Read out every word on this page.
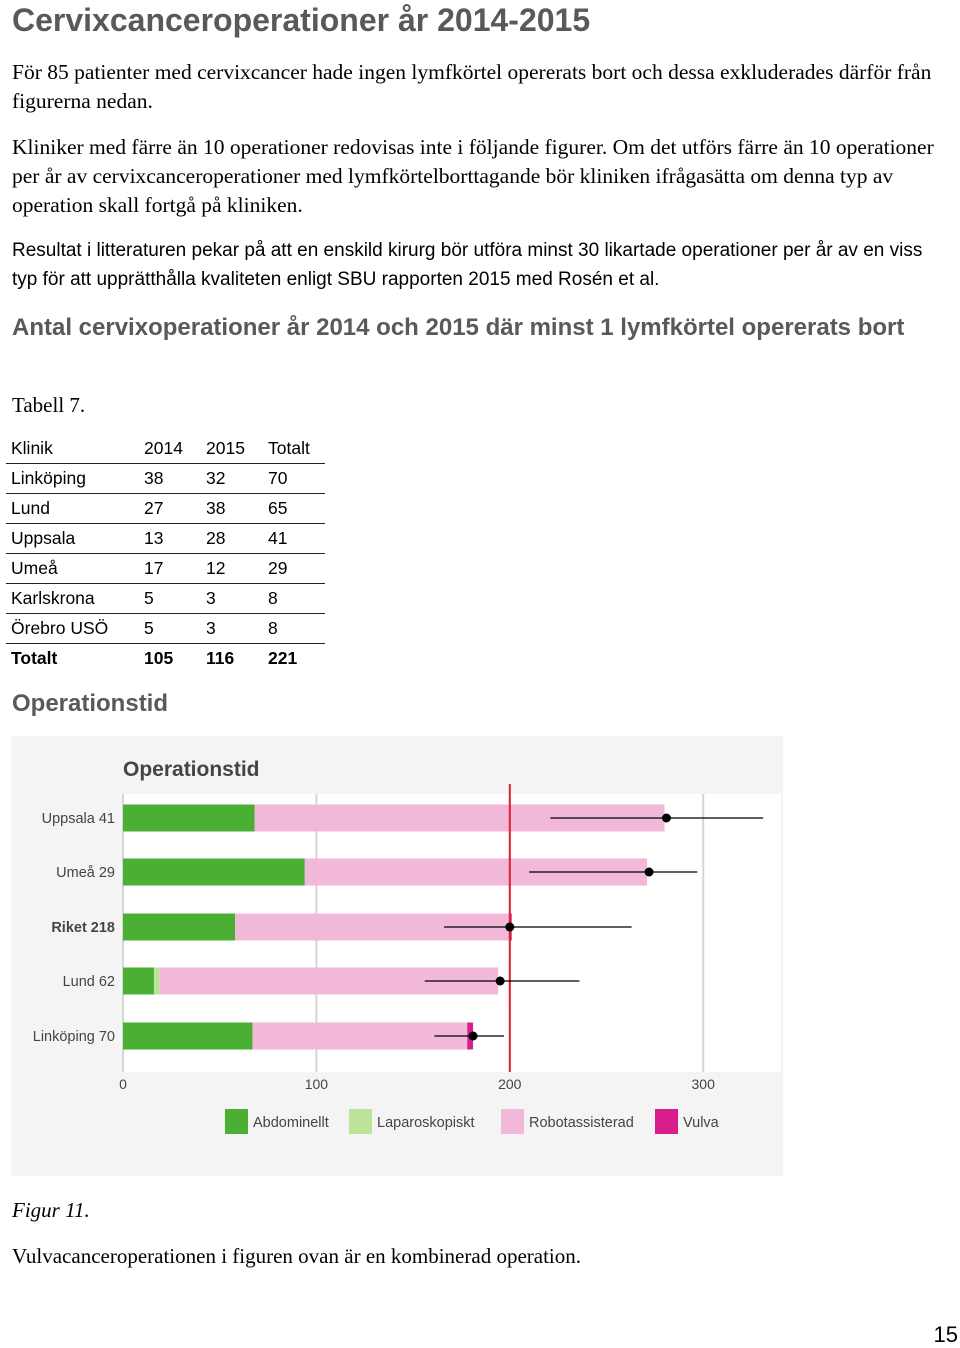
Cervixcanceroperationer år 2014-2015

För 85 patienter med cervixcancer hade ingen lymfkörtel opererats bort och dessa exkluderades därför från figurerna nedan.

Kliniker med färre än 10 operationer redovisas inte i följande figurer. Om det utförs färre än 10 operationer per år av cervixcanceroperationer med lymfkörtelborttagande bör kliniken ifrågasätta om denna typ av operation skall fortgå på kliniken.

Resultat i litteraturen pekar på att en enskild kirurg bör utföra minst 30 likartade operationer per år av en viss typ för att upprätthålla kvaliteten enligt SBU rapporten 2015 med Rosén et al.

Antal cervixoperationer år 2014 och 2015 där minst 1 lymfkörtel opererats bort

Tabell 7.

Klinik	2014	2015	Totalt
Linköping	38	32	70
Lund	27	38	65
Uppsala	13	28	41
Umeå	17	12	29
Karlskrona	5	3	8
Örebro USÖ	5	3	8
Totalt	105	116	221
Operationstid
Operationstid
0	100	200	300
Uppsala 41
Umeå 29
Riket 218
Lund 62
Linköping 70
Abdominellt	Laparoskopiskt	Robotassisterad	Vulva

Figur 11.

Vulvacanceroperationen i figuren ovan är en kombinerad operation.

15
